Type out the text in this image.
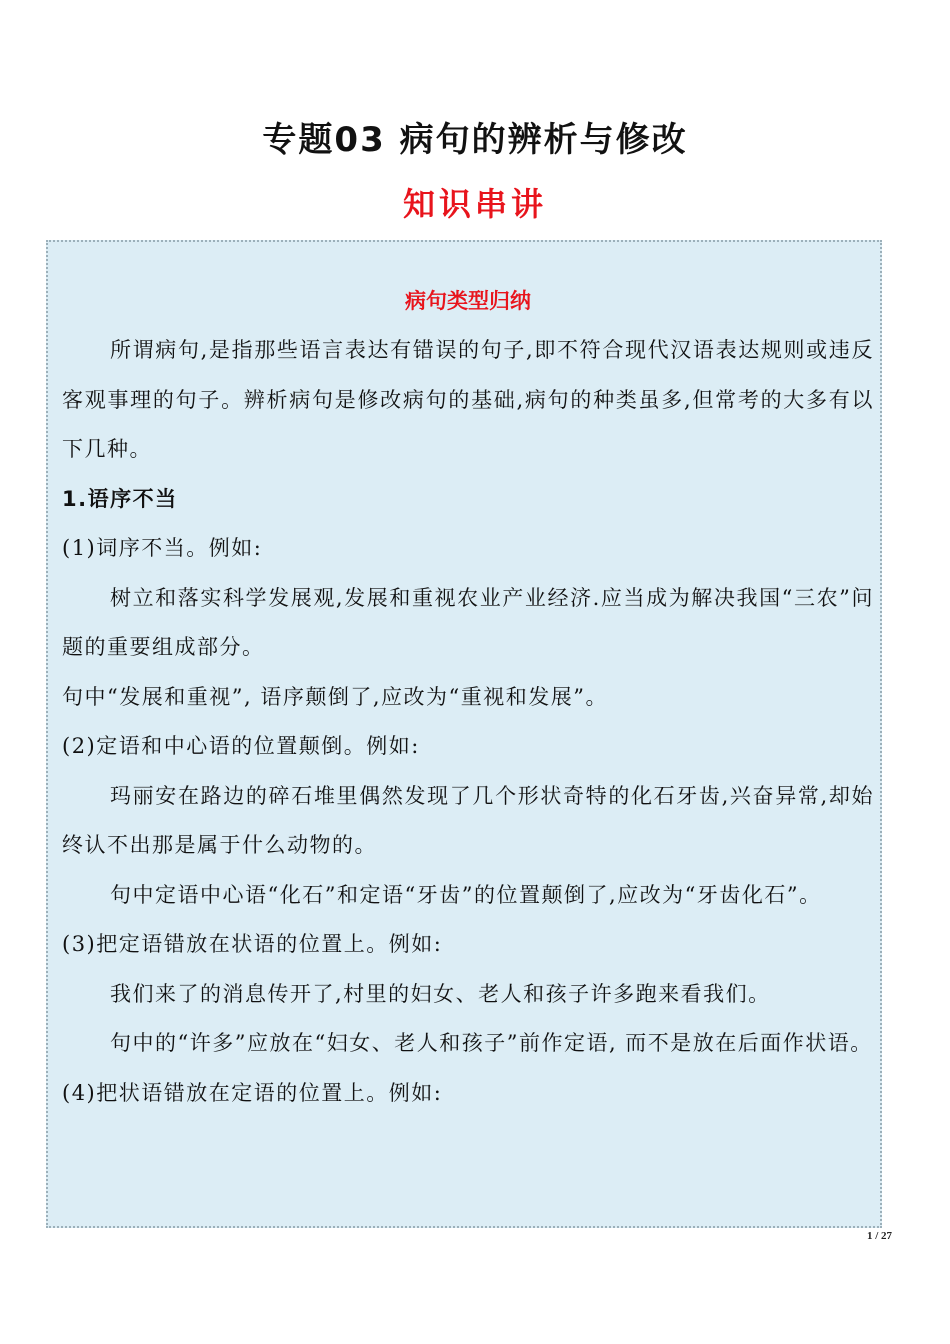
专题03 病句的辨析与修改
知识串讲
病句类型归纳

所谓病句,是指那些语言表达有错误的句子,即不符合现代汉语表达规则或违反客观事理的句子。辨析病句是修改病句的基础,病句的种类虽多,但常考的大多有以下几种。

1.语序不当

(1)词序不当。例如:

树立和落实科学发展观,发展和重视农业产业经济.应当成为解决我国“三农”问题的重要组成部分。

句中“发展和重视”, 语序颠倒了,应改为“重视和发展”。

(2)定语和中心语的位置颠倒。例如:

玛丽安在路边的碎石堆里偶然发现了几个形状奇特的化石牙齿,兴奋异常,却始终认不出那是属于什么动物的。

句中定语中心语“化石”和定语“牙齿”的位置颠倒了,应改为“牙齿化石”。

(3)把定语错放在状语的位置上。例如:

我们来了的消息传开了,村里的妇女、老人和孩子许多跑来看我们。

句中的“许多”应放在“妇女、老人和孩子”前作定语, 而不是放在后面作状语。

(4)把状语错放在定语的位置上。例如:

1 / 27
